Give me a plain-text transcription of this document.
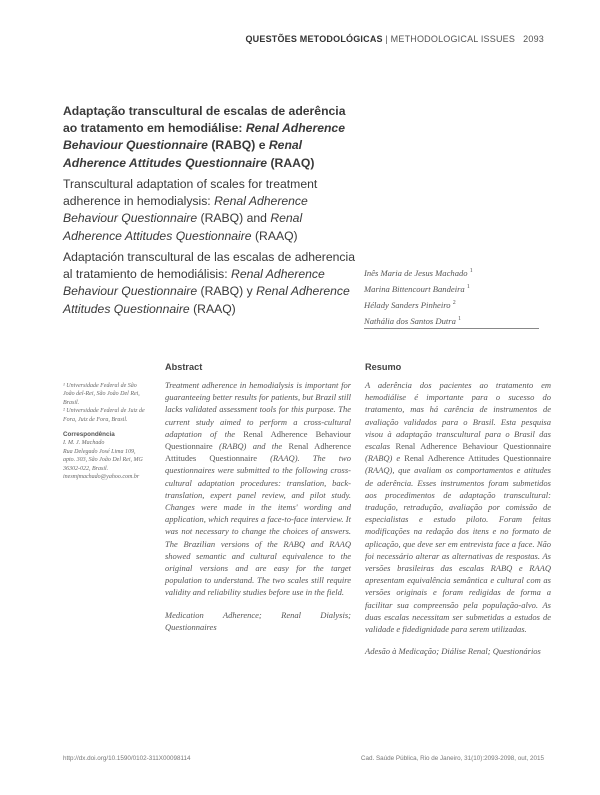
QUESTÕES METODOLÓGICAS | METHODOLOGICAL ISSUES 2093
Adaptação transcultural de escalas de aderência ao tratamento em hemodiálise: Renal Adherence Behaviour Questionnaire (RABQ) e Renal Adherence Attitudes Questionnaire (RAAQ)
Transcultural adaptation of scales for treatment adherence in hemodialysis: Renal Adherence Behaviour Questionnaire (RABQ) and Renal Adherence Attitudes Questionnaire (RAAQ)
Adaptación transcultural de las escalas de adherencia al tratamiento de hemodiálisis: Renal Adherence Behaviour Questionnaire (RABQ) y Renal Adherence Attitudes Questionnaire (RAAQ)
Inês Maria de Jesus Machado $^1$
Marina Bittencourt Bandeira $^1$
Hélady Sanders Pinheiro $^2$
Nathália dos Santos Dutra $^1$
¹ Universidade Federal de São João del-Rei, São João Del Rei, Brasil.
² Universidade Federal de Juiz de Fora, Juiz de Fora, Brasil.
Correspondência
I. M. J. Machado
Rua Delegado José Lima 109, apto. 303, São João Del Rei, MG 36302-022, Brasil.
inesmjmachado@yahoo.com.br
Abstract
Treatment adherence in hemodialysis is important for guaranteeing better results for patients, but Brazil still lacks validated assessment tools for this purpose. The current study aimed to perform a cross-cultural adaptation of the Renal Adherence Behaviour Questionnaire (RABQ) and the Renal Adherence Attitudes Questionnaire (RAAQ). The two questionnaires were submitted to the following cross-cultural adaptation procedures: translation, back-translation, expert panel review, and pilot study. Changes were made in the items' wording and application, which requires a face-to-face interview. It was not necessary to change the choices of answers. The Brazilian versions of the RABQ and RAAQ showed semantic and cultural equivalence to the original versions and are easy for the target population to understand. The two scales still require validity and reliability studies before use in the field.
Medication Adherence; Renal Dialysis; Questionnaires
Resumo
A aderência dos pacientes ao tratamento em hemodiálise é importante para o sucesso do tratamento, mas há carência de instrumentos de avaliação validados para o Brasil. Esta pesquisa visou à adaptação transcultural para o Brasil das escalas Renal Adherence Behaviour Questionnaire (RABQ) e Renal Adherence Attitudes Questionnaire (RAAQ), que avaliam os comportamentos e atitudes de aderência. Esses instrumentos foram submetidos aos procedimentos de adaptação transcultural: tradução, retradução, avaliação por comissão de especialistas e estudo piloto. Foram feitas modificações na redação dos itens e no formato de aplicação, que deve ser em entrevista face a face. Não foi necessário alterar as alternativas de respostas. As versões brasileiras das escalas RABQ e RAAQ apresentam equivalência semântica e cultural com as versões originais e foram redigidas de forma a facilitar sua compreensão pela população-alvo. As duas escalas necessitam ser submetidas a estudos de validade e fidedignidade para serem utilizadas.
Adesão à Medicação; Diálise Renal; Questionários
http://dx.doi.org/10.1590/0102-311X00098114	Cad. Saúde Pública, Rio de Janeiro, 31(10):2093-2098, out, 2015
